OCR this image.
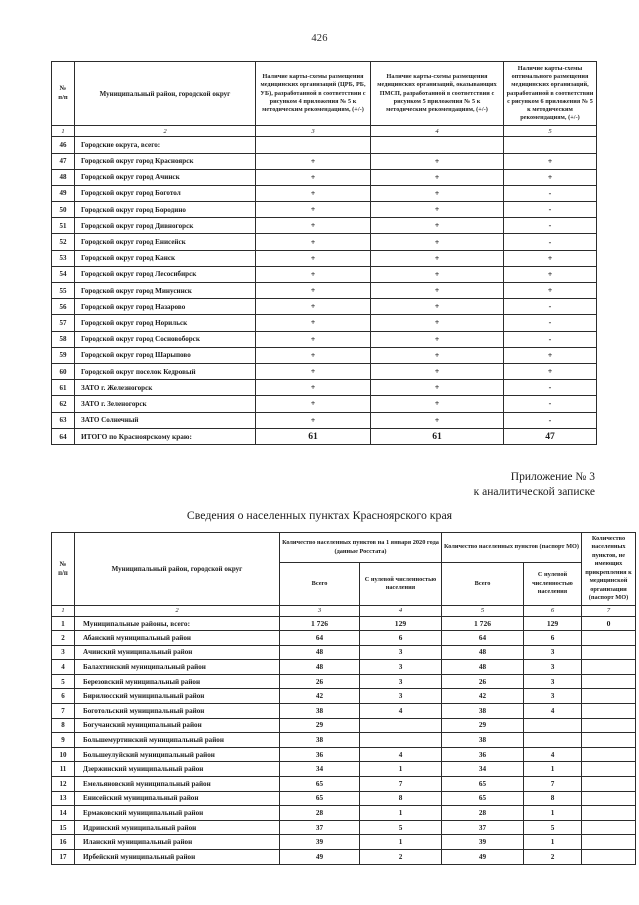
426
№
п/п	Муниципальный район, городской округ	Наличие карты-схемы размещения медицинских организаций (ЦРБ, РБ, УБ), разработанной в соответствии с рисунком 4 приложения № 5 к методическим рекомендациям, (+/-)	Наличие карты-схемы размещения медицинских организаций, оказывающих ПМСП, разработанной в соответствии с рисунком 5 приложения № 5 к методическим рекомендациям, (+/-)	Наличие карты-схемы оптимального размещения медицинских организаций, разработанной в соответствии с рисунком 6 приложения № 5 к методическим рекомендациям, (+/-)
1	2	3	4	5
46	Городские округа, всего:			
47	Городской округ город Красноярск	+	+	+
48	Городской округ город Ачинск	+	+	+
49	Городской округ город Боготол	+	+	-
50	Городской округ город Бородино	+	+	-
51	Городской округ город Дивногорск	+	+	-
52	Городской округ город Енисейск	+	+	-
53	Городской округ город Канск	+	+	+
54	Городской округ город Лесосибирск	+	+	+
55	Городской округ город Минусинск	+	+	+
56	Городской округ город Назарово	+	+	-
57	Городской округ город Норильск	+	+	-
58	Городской округ город Сосновоборск	+	+	-
59	Городской округ город Шарыпово	+	+	+
60	Городской округ поселок Кедровый	+	+	+
61	ЗАТО г. Железногорск	+	+	-
62	ЗАТО г. Зеленогорск	+	+	-
63	ЗАТО Солнечный	+	+	-
64	ИТОГО по Красноярскому краю:	61	61	47
Приложение № 3
к аналитической записке
Сведения о населенных пунктах Красноярского края
№
п/п	Муниципальный район, городской округ	Количество населенных пунктов на 1 января 2020 года (данные Росстата)		Количество населенных пунктов (паспорт МО)		Количество населенных пунктов, не имеющих прикрепления к медицинской организации (паспорт МО)
		Всего	С нулевой численностью населения	Всего	С нулевой численностью населения	
1	2	3	4	5	6	7
1	Муниципальные районы, всего:	1 726	129	1 726	129	0
2	Абанский муниципальный район	64	6	64	6	
3	Ачинский муниципальный район	48	3	48	3	
4	Балахтинский муниципальный район	48	3	48	3	
5	Березовский муниципальный район	26	3	26	3	
6	Бирилюсский муниципальный район	42	3	42	3	
7	Боготольский муниципальный район	38	4	38	4	
8	Богучанский муниципальный район	29		29		
9	Большемуртинский муниципальный район	38		38		
10	Большеулуйский муниципальный район	36	4	36	4	
11	Дзержинский муниципальный район	34	1	34	1	
12	Емельяновский муниципальный район	65	7	65	7	
13	Енисейский муниципальный район	65	8	65	8	
14	Ермаковский муниципальный район	28	1	28	1	
15	Идринский муниципальный район	37	5	37	5	
16	Иланский муниципальный район	39	1	39	1	
17	Ирбейский муниципальный район	49	2	49	2	
